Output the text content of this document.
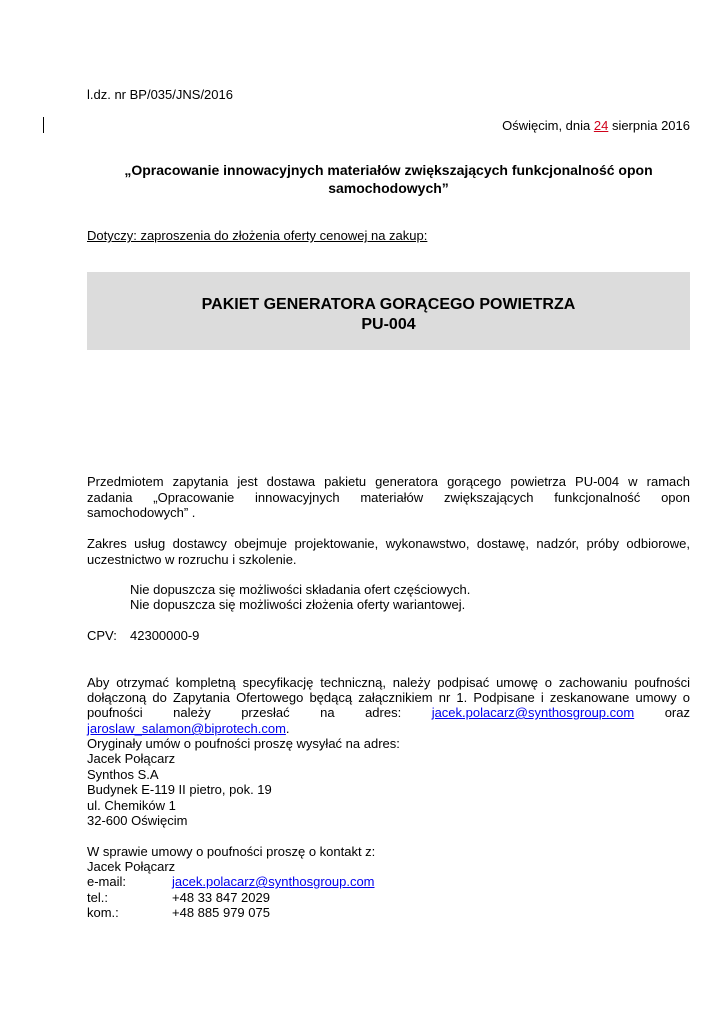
l.dz. nr BP/035/JNS/2016
Oświęcim, dnia 24 sierpnia 2016
„Opracowanie innowacyjnych materiałów zwiększających funkcjonalność opon
samochodowych”
Dotyczy: zaproszenia do złożenia oferty cenowej na zakup:
PAKIET GENERATORA GORĄCEGO POWIETRZA
PU-004
Przedmiotem zapytania jest dostawa pakietu generatora gorącego powietrza PU-004 w ramach
zadania „Opracowanie innowacyjnych materiałów zwiększających funkcjonalność opon
samochodowych” .
Zakres usług dostawcy obejmuje projektowanie, wykonawstwo, dostawę, nadzór, próby odbiorowe,
uczestnictwo w rozruchu i szkolenie.
Nie dopuszcza się możliwości składania ofert częściowych.
Nie dopuszcza się możliwości złożenia oferty wariantowej.
CPV: 42300000-9
Aby otrzymać kompletną specyfikację techniczną, należy podpisać umowę o zachowaniu poufności
dołączoną do Zapytania Ofertowego będącą załącznikiem nr 1. Podpisane i zeskanowane umowy o
poufności należy przesłać na adres: jacek.polacarz@synthosgroup.com oraz
jaroslaw_salamon@biprotech.com.
Oryginały umów o poufności proszę wysyłać na adres:
Jacek Połącarz
Synthos S.A
Budynek E-119 II pietro, pok. 19
ul. Chemików 1
32-600 Oświęcim
W sprawie umowy o poufności proszę o kontakt z:
Jacek Połącarz
e-mail:	jacek.polacarz@synthosgroup.com
tel.:	+48 33 847 2029
kom.:	+48 885 979 075
